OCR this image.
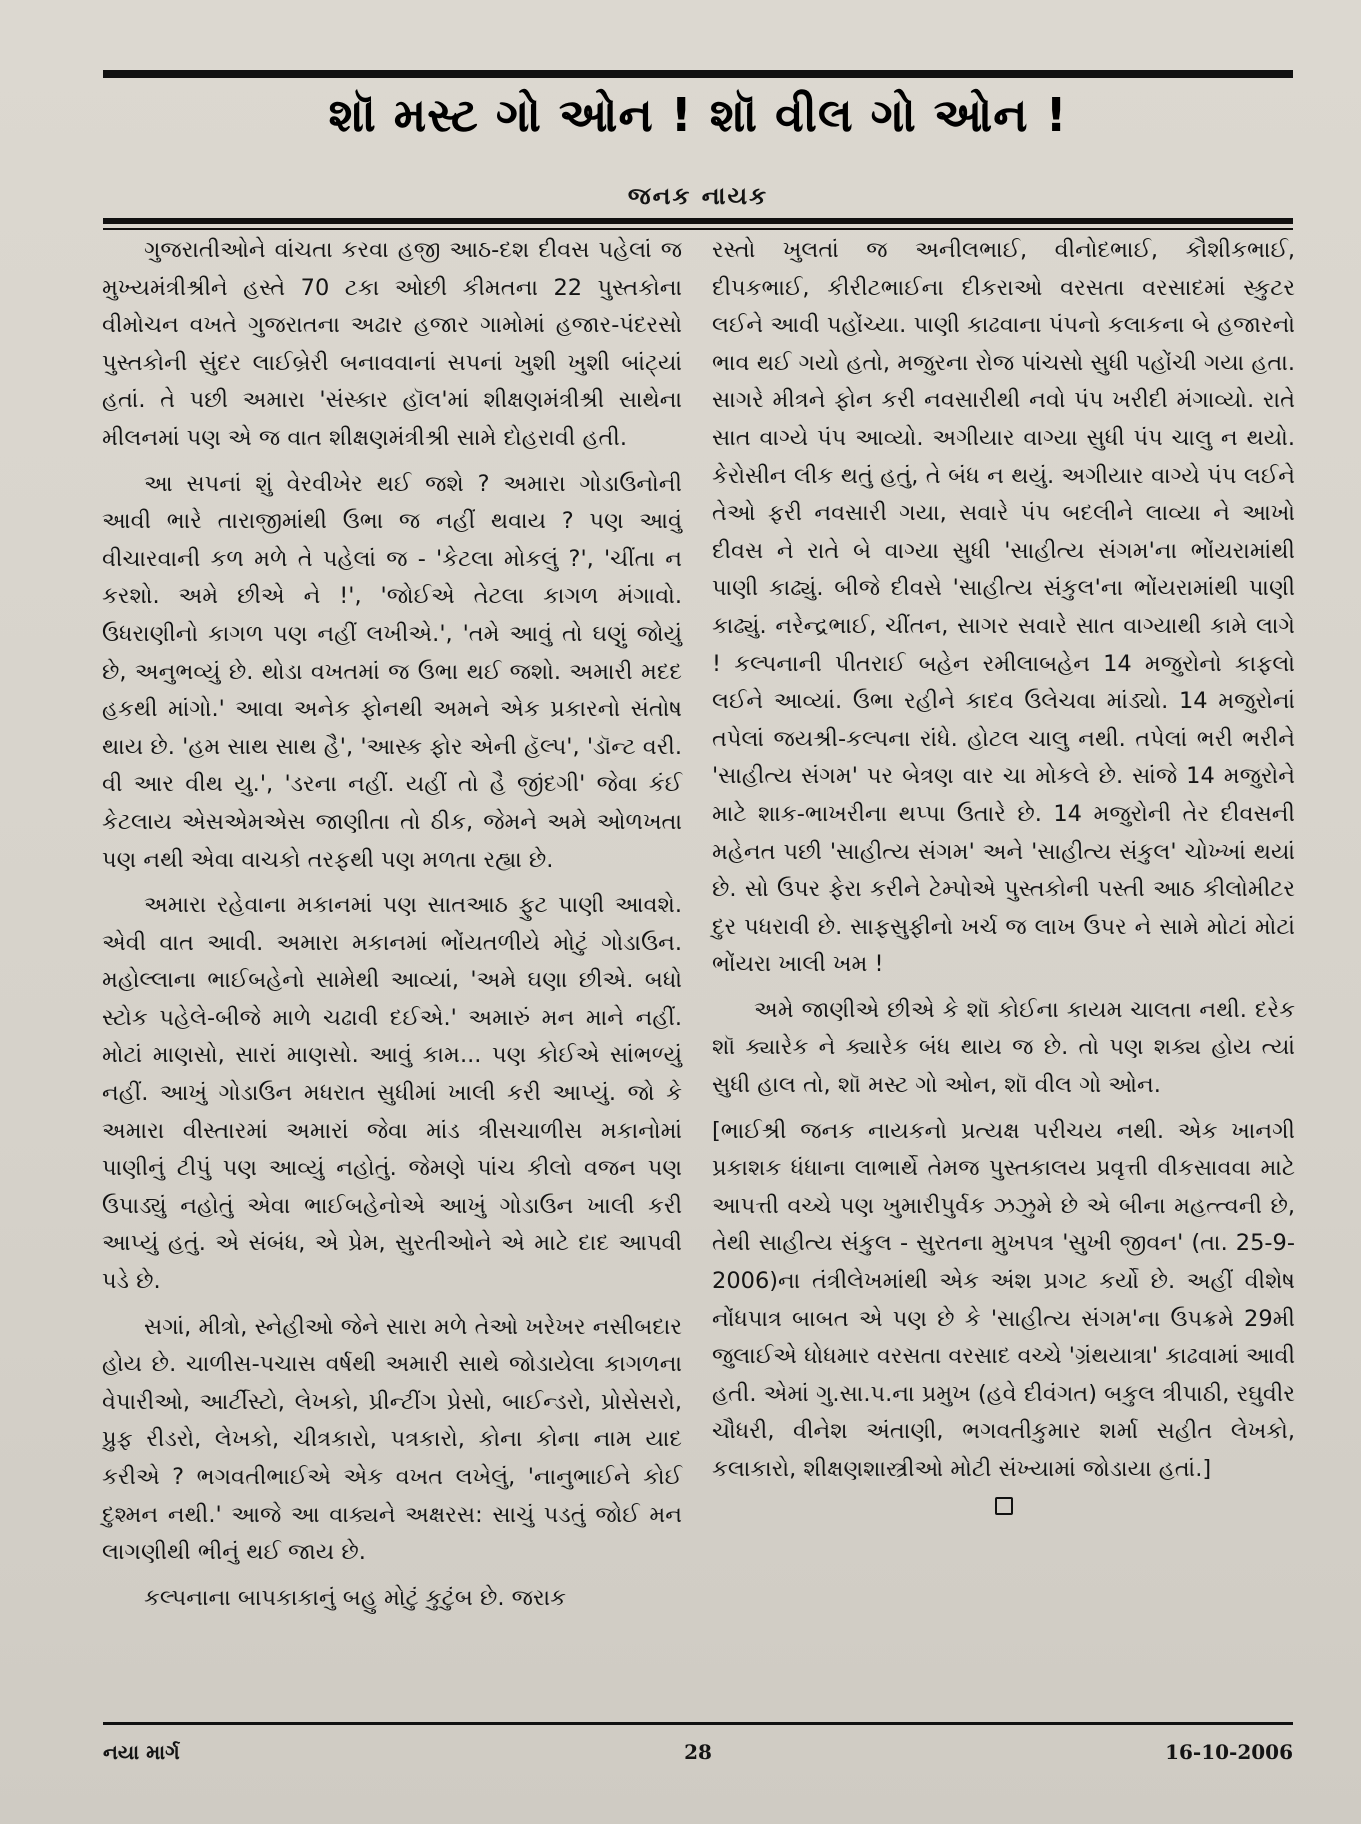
શૉ મસ્ટ ગો ઓન ! શૉ વીલ ગો ઓન !
જનક નાયક

ગુજરાતીઓને વાંચતા કરવા હજી આઠ-દશ દીવસ પહેલાં જ મુખ્યમંત્રીશ્રીને હસ્તે 70 ટકા ઓછી કીમતના 22 પુસ્તકોના વીમોચન વખતે ગુજરાતના અઢાર હજાર ગામોમાં હજાર-પંદરસો પુસ્તકોની સુંદર લાઈબ્રેરી બનાવવાનાં સપનાં ખુશી ખુશી બાંટ્યાં હતાં. તે પછી અમારા 'સંસ્કાર હૉલ'માં શીક્ષણમંત્રીશ્રી સાથેના મીલનમાં પણ એ જ વાત શીક્ષણમંત્રીશ્રી સામે દોહરાવી હતી.

આ સપનાં શું વેરવીખેર થઈ જશે ? અમારા ગોડાઉનોની આવી ભારે તારાજીમાંથી ઉભા જ નહીં થવાય ? પણ આવું વીચારવાની કળ મળે તે પહેલાં જ - 'કેટલા મોકલું ?', 'ચીંતા ન કરશો. અમે છીએ ને !', 'જોઈએ તેટલા કાગળ મંગાવો. ઉધરાણીનો કાગળ પણ નહીં લખીએ.', 'તમે આવું તો ઘણું જોયું છે, અનુભવ્યું છે. થોડા વખતમાં જ ઉભા થઈ જશો. અમારી મદદ હકથી માંગો.' આવા અનેક ફોનથી અમને એક પ્રકારનો સંતોષ થાય છે. 'હમ સાથ સાથ હૈ', 'આસ્ક ફોર એની હૅલ્પ', 'ડૉન્ટ વરી. વી આર વીથ યુ.', 'ડરના નહીં. યહીં તો હૈ જીંદગી' જેવા કંઈ કેટલાય એસએમએસ જાણીતા તો ઠીક, જેમને અમે ઓળખતા પણ નથી એવા વાચકો તરફથી પણ મળતા રહ્યા છે.

અમારા રહેવાના મકાનમાં પણ સાતઆઠ ફુટ પાણી આવશે. એવી વાત આવી. અમારા મકાનમાં ભોંયતળીયે મોટું ગોડાઉન. મહોલ્લાના ભાઈબહેનો સામેથી આવ્યાં, 'અમે ઘણા છીએ. બધો સ્ટોક પહેલે-બીજે માળે ચઢાવી દઈએ.' અમારું મન માને નહીં. મોટાં માણસો, સારાં માણસો. આવું કામ... પણ કોઈએ સાંભળ્યું નહીં. આખું ગોડાઉન મધરાત સુધીમાં ખાલી કરી આપ્યું. જો કે અમારા વીસ્તારમાં અમારાં જેવા માંડ ત્રીસચાળીસ મકાનોમાં પાણીનું ટીપું પણ આવ્યું નહોતું. જેમણે પાંચ કીલો વજન પણ ઉપાડ્યું નહોતું એવા ભાઈબહેનોએ આખું ગોડાઉન ખાલી કરી આપ્યું હતું. એ સંબંધ, એ પ્રેમ, સુરતીઓને એ માટે દાદ આપવી પડે છે.

સગાં, મીત્રો, સ્નેહીઓ જેને સારા મળે તેઓ ખરેખર નસીબદાર હોય છે. ચાળીસ-પચાસ વર્ષથી અમારી સાથે જોડાયેલા કાગળના વેપારીઓ, આર્ટીસ્ટો, લેખકો, પ્રીન્ટીંગ પ્રેસો, બાઈન્ડરો, પ્રોસેસરો, પ્રુફ રીડરો, લેખકો, ચીત્રકારો, પત્રકારો, કોના કોના નામ યાદ કરીએ ? ભગવતીભાઈએ એક વખત લખેલું, 'નાનુભાઈને કોઈ દુશ્મન નથી.' આજે આ વાક્યને અક્ષરસ: સાચું પડતું જોઈ મન લાગણીથી ભીનું થઈ જાય છે.

કલ્પનાના બાપકાકાનું બહુ મોટું કુટુંબ છે. જરાક

રસ્તો ખુલતાં જ અનીલભાઈ, વીનોદભાઈ, કૌશીકભાઈ, દીપકભાઈ, કીરીટભાઈના દીકરાઓ વરસતા વરસાદમાં સ્કુટર લઈને આવી પહોંચ્યા. પાણી કાઢવાના પંપનો કલાકના બે હજારનો ભાવ થઈ ગયો હતો, મજુરના રોજ પાંચસો સુધી પહોંચી ગયા હતા. સાગરે મીત્રને ફોન કરી નવસારીથી નવો પંપ ખરીદી મંગાવ્યો. રાતે સાત વાગ્યે પંપ આવ્યો. અગીયાર વાગ્યા સુધી પંપ ચાલુ ન થયો. કેરોસીન લીક થતું હતું, તે બંધ ન થયું. અગીયાર વાગ્યે પંપ લઈને તેઓ ફરી નવસારી ગયા, સવારે પંપ બદલીને લાવ્યા ને આખો દીવસ ને રાતે બે વાગ્યા સુધી 'સાહીત્ય સંગમ'ના ભોંયરામાંથી પાણી કાઢ્યું. બીજે દીવસે 'સાહીત્ય સંકુલ'ના ભોંયરામાંથી પાણી કાઢ્યું. નરેન્દ્રભાઈ, ચીંતન, સાગર સવારે સાત વાગ્યાથી કામે લાગે ! કલ્પનાની પીતરાઈ બહેન રમીલાબહેન 14 મજુરોનો કાફલો લઈને આવ્યાં. ઉભા રહીને કાદવ ઉલેચવા માંડ્યો. 14 મજુરોનાં તપેલાં જયશ્રી-કલ્પના રાંધે. હોટલ ચાલુ નથી. તપેલાં ભરી ભરીને 'સાહીત્ય સંગમ' પર બેત્રણ વાર ચા મોકલે છે. સાંજે 14 મજુરોને માટે શાક-ભાખરીના થપ્પા ઉતારે છે. 14 મજુરોની તેર દીવસની મહેનત પછી 'સાહીત્ય સંગમ' અને 'સાહીત્ય સંકુલ' ચોખ્ખાં થયાં છે. સો ઉપર ફેરા કરીને ટેમ્પોએ પુસ્તકોની પસ્તી આઠ કીલોમીટર દુર પધરાવી છે. સાફસુફીનો ખર્ચ જ લાખ ઉપર ને સામે મોટાં મોટાં ભોંયરા ખાલી ખમ !

અમે જાણીએ છીએ કે શૉ કોઈના કાયમ ચાલતા નથી. દરેક શૉ ક્યારેક ને ક્યારેક બંધ થાય જ છે. તો પણ શક્ય હોય ત્યાં સુધી હાલ તો, શૉ મસ્ટ ગો ઓન, શૉ વીલ ગો ઓન.

[ભાઈશ્રી જનક નાયકનો પ્રત્યક્ષ પરીચય નથી. એક ખાનગી પ્રકાશક ધંધાના લાભાર્થે તેમજ પુસ્તકાલય પ્રવૃત્તી વીકસાવવા માટે આપત્તી વચ્ચે પણ ખુમારીપુર્વક ઝઝુમે છે એ બીના મહત્ત્વની છે, તેથી સાહીત્ય સંકુલ - સુરતના મુખપત્ર 'સુખી જીવન' (તા. 25-9-2006)ના તંત્રીલેખમાંથી એક અંશ પ્રગટ કર્યો છે. અહીં વીશેષ નોંધપાત્ર બાબત એ પણ છે કે 'સાહીત્ય સંગમ'ના ઉપક્રમે 29મી જુલાઈએ ધોધમાર વરસતા વરસાદ વચ્ચે 'ગ્રંથયાત્રા' કાઢવામાં આવી હતી. એમાં ગુ.સા.પ.ના પ્રમુખ (હવે દીવંગત) બકુલ ત્રીપાઠી, રઘુવીર ચૌધરી, વીનેશ અંતાણી, ભગવતીકુમાર શર્મા સહીત લેખકો, કલાકારો, શીક્ષણશાસ્ત્રીઓ મોટી સંખ્યામાં જોડાયા હતાં.]

નયા માર્ગ	28	16-10-2006
